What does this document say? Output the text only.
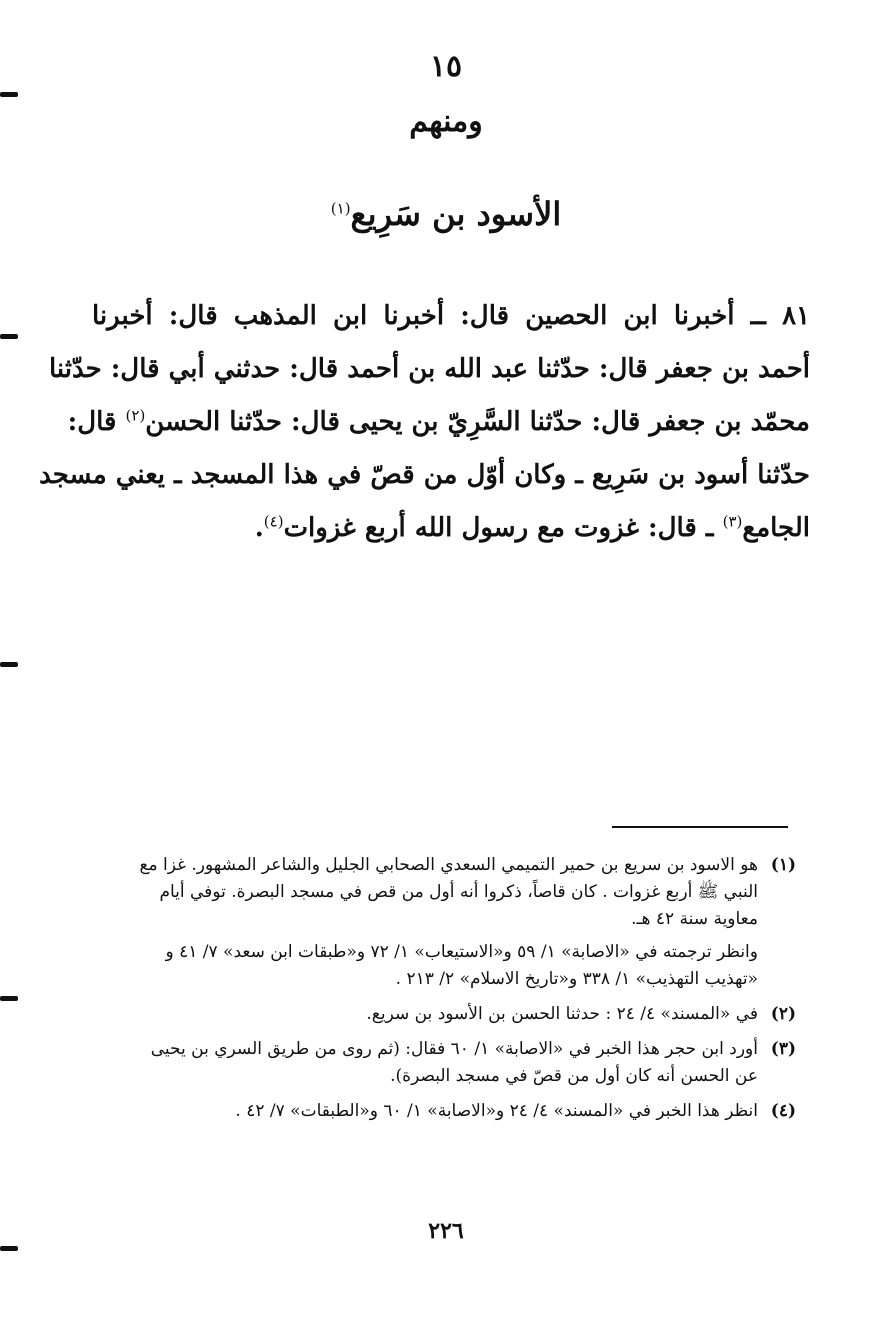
١٥
ومنهم
الأسود بن سَرِيع$^{(١)}$
٨١ ــ أخبرنا ابن الحصين قال: أخبرنا ابن المذهب قال: أخبرنا
أحمد بن جعفر قال: حدّثنا عبد الله بن أحمد قال: حدثني أبي قال: حدّثنا
محمّد بن جعفر قال: حدّثنا السَّرِيّ بن يحيى قال: حدّثنا الحسن$^{(٢)}$ قال:
حدّثنا أسود بن سَرِيع ـ وكان أوّل من قصّ في هذا المسجد ـ يعني مسجد
الجامع$^{(٣)}$ ـ قال: غزوت مع رسول الله أربع غزوات$^{(٤)}$.
(١)
هو الاسود بن سريع بن حمير التميمي السعدي الصحابي الجليل والشاعر المشهور. غزا مع
النبي ﷺ أربع غزوات . كان قاصاً، ذكروا أنه أول من قص في مسجد البصرة. توفي أيام
معاوية سنة ٤٢ هـ.
وانظر ترجمته في «الاصابة» ١/ ٥٩ و«الاستيعاب» ١/ ٧٢ و«طبقات ابن سعد» ٧/ ٤١ و
«تهذيب التهذيب» ١/ ٣٣٨ و«تاريخ الاسلام» ٢/ ٢١٣ .
(٢)
في «المسند» ٤/ ٢٤ : حدثنا الحسن بن الأسود بن سريع.
(٣)
أورد ابن حجر هذا الخبر في «الاصابة» ١/ ٦٠ فقال: (ثم روى من طريق السري بن يحيى
عن الحسن أنه كان أول من قصّ في مسجد البصرة).
(٤)
انظر هذا الخبر في «المسند» ٤/ ٢٤ و«الاصابة» ١/ ٦٠ و«الطبقات» ٧/ ٤٢ .
٢٢٦
